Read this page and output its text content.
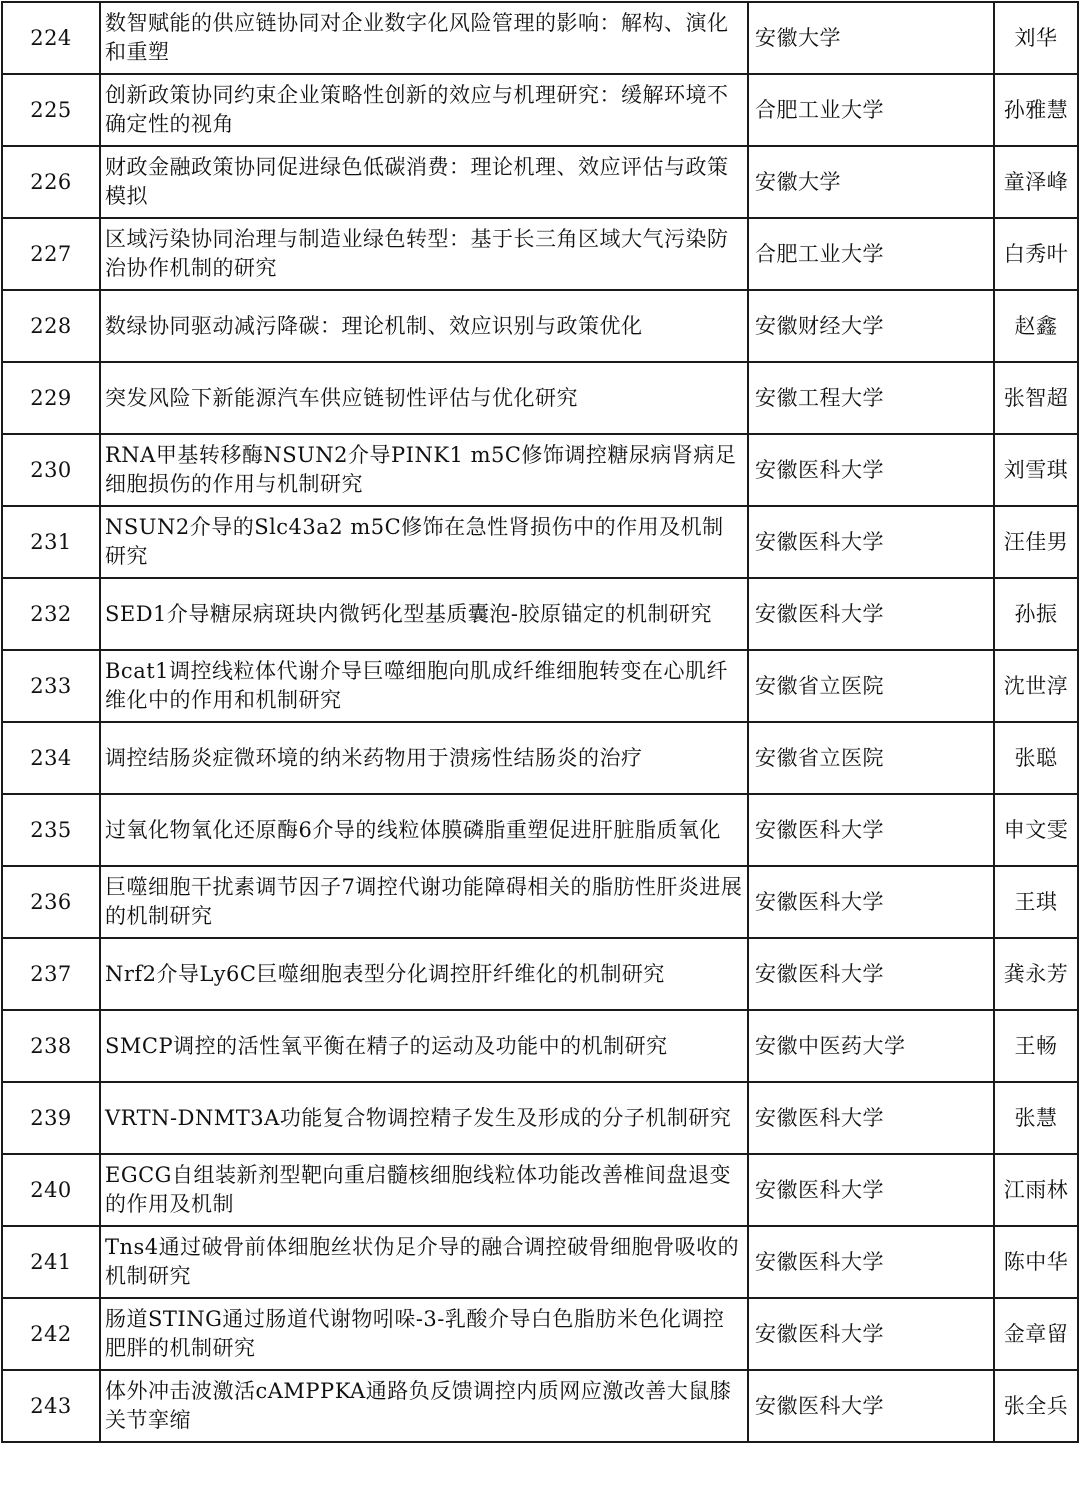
224	数智赋能的供应链协同对企业数字化风险管理的影响：解构、演化和重塑	安徽大学	刘华
225	创新政策协同约束企业策略性创新的效应与机理研究：缓解环境不确定性的视角	合肥工业大学	孙雅慧
226	财政金融政策协同促进绿色低碳消费：理论机理、效应评估与政策模拟	安徽大学	童泽峰
227	区域污染协同治理与制造业绿色转型：基于长三角区域大气污染防治协作机制的研究	合肥工业大学	白秀叶
228	数绿协同驱动减污降碳：理论机制、效应识别与政策优化	安徽财经大学	赵鑫
229	突发风险下新能源汽车供应链韧性评估与优化研究	安徽工程大学	张智超
230	RNA甲基转移酶NSUN2介导PINK1 m5C修饰调控糖尿病肾病足细胞损伤的作用与机制研究	安徽医科大学	刘雪琪
231	NSUN2介导的Slc43a2 m5C修饰在急性肾损伤中的作用及机制研究	安徽医科大学	汪佳男
232	SED1介导糖尿病斑块内微钙化型基质囊泡-胶原锚定的机制研究	安徽医科大学	孙振
233	Bcat1调控线粒体代谢介导巨噬细胞向肌成纤维细胞转变在心肌纤维化中的作用和机制研究	安徽省立医院	沈世淳
234	调控结肠炎症微环境的纳米药物用于溃疡性结肠炎的治疗	安徽省立医院	张聪
235	过氧化物氧化还原酶6介导的线粒体膜磷脂重塑促进肝脏脂质氧化	安徽医科大学	申文雯
236	巨噬细胞干扰素调节因子7调控代谢功能障碍相关的脂肪性肝炎进展的机制研究	安徽医科大学	王琪
237	Nrf2介导Ly6C巨噬细胞表型分化调控肝纤维化的机制研究	安徽医科大学	龚永芳
238	SMCP调控的活性氧平衡在精子的运动及功能中的机制研究	安徽中医药大学	王畅
239	VRTN-DNMT3A功能复合物调控精子发生及形成的分子机制研究	安徽医科大学	张慧
240	EGCG自组装新剂型靶向重启髓核细胞线粒体功能改善椎间盘退变的作用及机制	安徽医科大学	江雨林
241	Tns4通过破骨前体细胞丝状伪足介导的融合调控破骨细胞骨吸收的机制研究	安徽医科大学	陈中华
242	肠道STING通过肠道代谢物吲哚-3-乳酸介导白色脂肪米色化调控肥胖的机制研究	安徽医科大学	金章留
243	体外冲击波激活cAMPPKA通路负反馈调控内质网应激改善大鼠膝关节挛缩	安徽医科大学	张全兵
